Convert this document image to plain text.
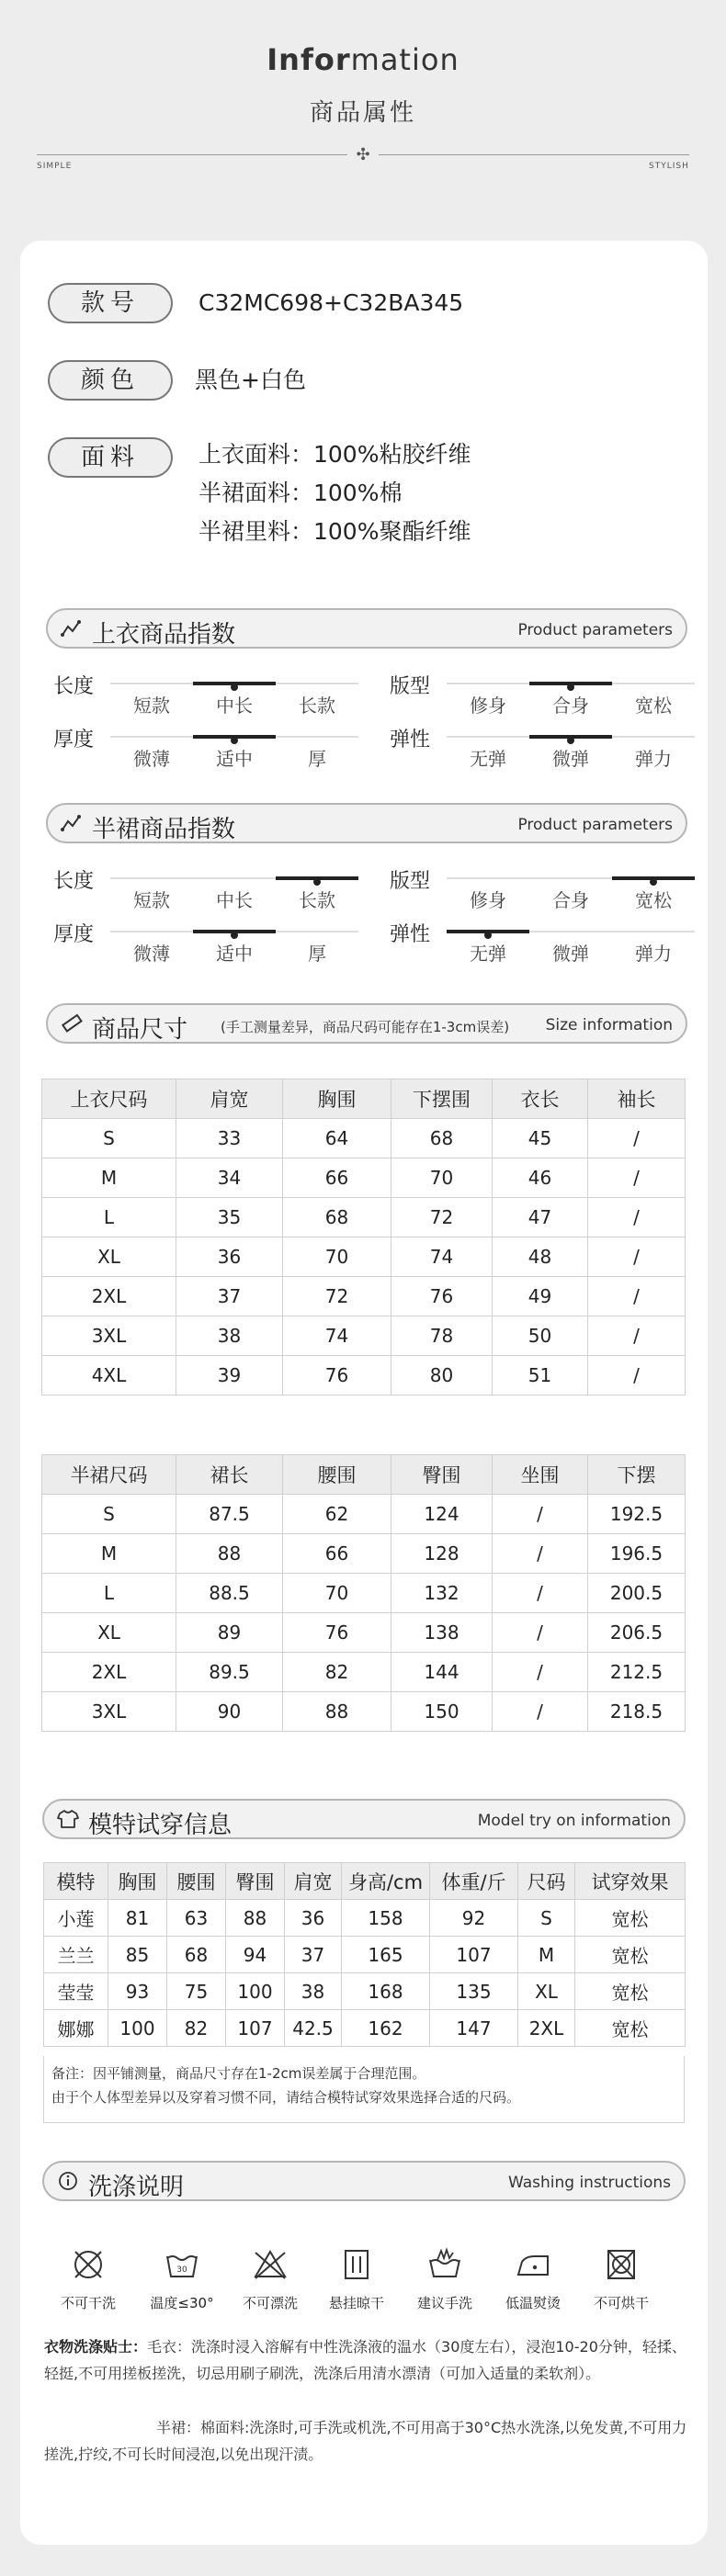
Information
商品属性
✣
SIMPLE	STYLISH
款号	C32MC698+C32BA345
颜色	黑色+白色
面料	上衣面料：100%粘胶纤维
半裙面料：100%棉
半裙里料：100%聚酯纤维
上衣商品指数	Product parameters
长度
短款	中长	长款
版型
修身	合身	宽松
厚度
微薄	适中	厚
弹性
无弹	微弹	弹力
半裙商品指数	Product parameters
长度
短款	中长	长款
版型
修身	合身	宽松
厚度
微薄	适中	厚
弹性
无弹	微弹	弹力
商品尺寸 (手工测量差异，商品尺码可能存在1-3cm误差) Size information
上衣尺码	肩宽	胸围	下摆围	衣长	袖长
S	33	64	68	45	/
M	34	66	70	46	/
L	35	68	72	47	/
XL	36	70	74	48	/
2XL	37	72	76	49	/
3XL	38	74	78	50	/
4XL	39	76	80	51	/
半裙尺码	裙长	腰围	臀围	坐围	下摆
S	87.5	62	124	/	192.5
M	88	66	128	/	196.5
L	88.5	70	132	/	200.5
XL	89	76	138	/	206.5
2XL	89.5	82	144	/	212.5
3XL	90	88	150	/	218.5
模特试穿信息	Model try on information
模特	胸围	腰围	臀围	肩宽	身高/cm	体重/斤	尺码	试穿效果
小莲	81	63	88	36	158	92	S	宽松
兰兰	85	68	94	37	165	107	M	宽松
莹莹	93	75	100	38	168	135	XL	宽松
娜娜	100	82	107	42.5	162	147	2XL	宽松
备注：因平铺测量，商品尺寸存在1-2cm误差属于合理范围。
由于个人体型差异以及穿着习惯不同，请结合模特试穿效果选择合适的尺码。
洗涤说明	Washing instructions
不可干洗
30
温度≤30°	不可漂洗	悬挂晾干	建议手洗	低温熨烫	不可烘干
衣物洗涤贴士：毛衣：洗涤时浸入溶解有中性洗涤液的温水（30度左右），浸泡10-20分钟，轻揉、轻挺,不可用搓板搓洗，切忌用刷子刷洗，洗涤后用清水漂清（可加入适量的柔软剂）。
半裙：棉面料:洗涤时,可手洗或机洗,不可用高于30°C热水洗涤,以免发黄,不可用力搓洗,拧绞,不可长时间浸泡,以免出现汗渍。
